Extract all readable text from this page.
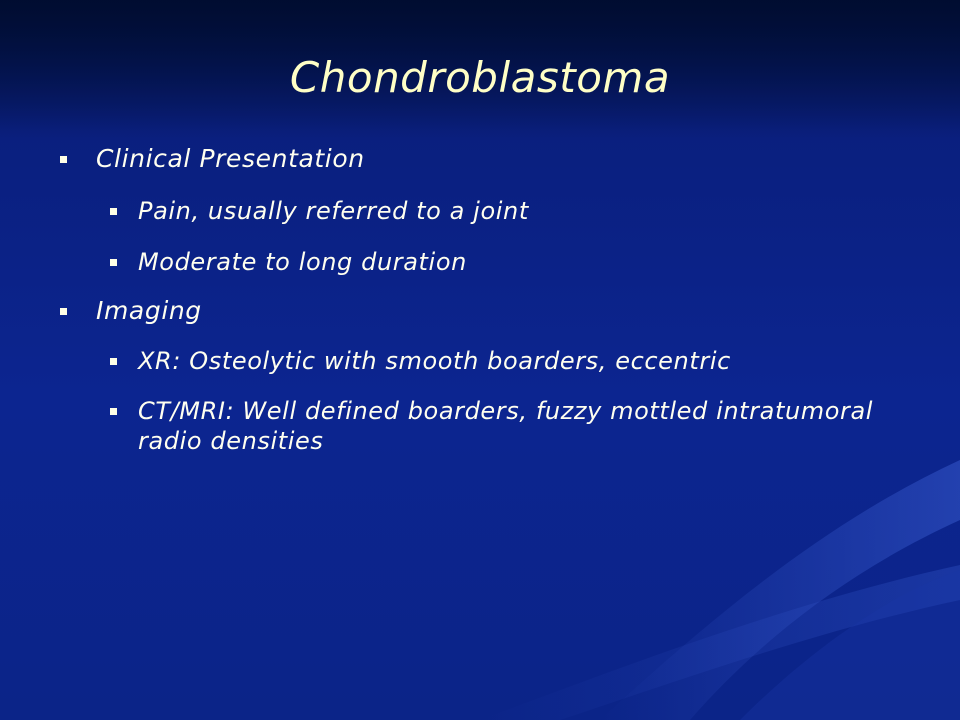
Chondroblastoma
Clinical Presentation
Pain, usually referred to a joint
Moderate to long duration
Imaging
XR: Osteolytic with smooth boarders, eccentric
CT/MRI: Well defined boarders, fuzzy mottled intratumoral radio densities
